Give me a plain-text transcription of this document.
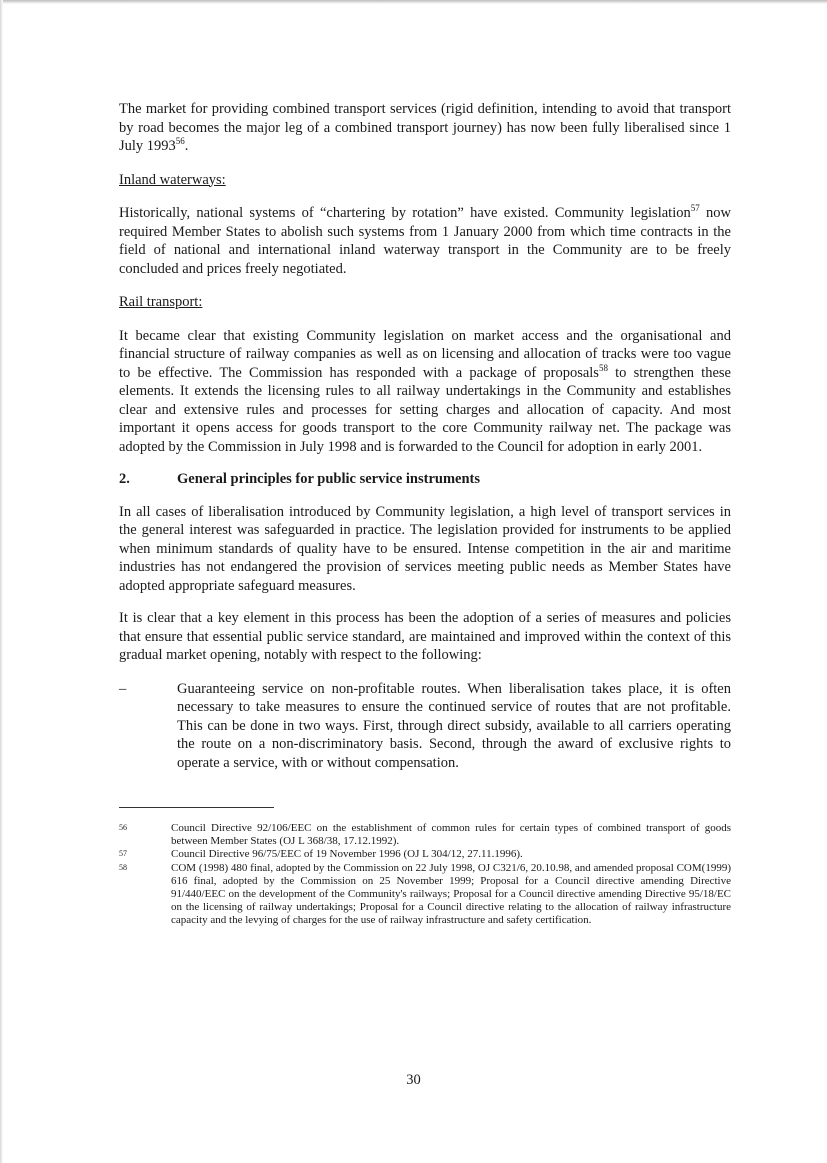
The market for providing combined transport services (rigid definition, intending to avoid that transport by road becomes the major leg of a combined transport journey) has now been fully liberalised since 1 July 1993$^{56}$.

Inland waterways:

Historically, national systems of “chartering by rotation” have existed. Community legislation$^{57}$ now required Member States to abolish such systems from 1 January 2000 from which time contracts in the field of national and international inland waterway transport in the Community are to be freely concluded and prices freely negotiated.

Rail transport:

It became clear that existing Community legislation on market access and the organisational and financial structure of railway companies as well as on licensing and allocation of tracks were too vague to be effective. The Commission has responded with a package of proposals$^{58}$ to strengthen these elements. It extends the licensing rules to all railway undertakings in the Community and establishes clear and extensive rules and processes for setting charges and allocation of capacity. And most important it opens access for goods transport to the core Community railway net. The package was adopted by the Commission in July 1998 and is forwarded to the Council for adoption in early 2001.

2.	General principles for public service instruments

In all cases of liberalisation introduced by Community legislation, a high level of transport services in the general interest was safeguarded in practice. The legislation provided for instruments to be applied when minimum standards of quality have to be ensured. Intense competition in the air and maritime industries has not endangered the provision of services meeting public needs as Member States have adopted appropriate safeguard measures.

It is clear that a key element in this process has been the adoption of a series of measures and policies that ensure that essential public service standard, are maintained and improved within the context of this gradual market opening, notably with respect to the following:

–	Guaranteeing service on non-profitable routes. When liberalisation takes place, it is often necessary to take measures to ensure the continued service of routes that are not profitable. This can be done in two ways. First, through direct subsidy, available to all carriers operating the route on a non-discriminatory basis. Second, through the award of exclusive rights to operate a service, with or without compensation.

56	Council Directive 92/106/EEC on the establishment of common rules for certain types of combined transport of goods between Member States (OJ L 368/38, 17.12.1992).
57	Council Directive 96/75/EEC of 19 November 1996 (OJ L 304/12, 27.11.1996).
58	COM (1998) 480 final, adopted by the Commission on 22 July 1998, OJ C321/6, 20.10.98, and amended proposal COM(1999) 616 final, adopted by the Commission on 25 November 1999; Proposal for a Council directive amending Directive 91/440/EEC on the development of the Community's railways; Proposal for a Council directive amending Directive 95/18/EC on the licensing of railway undertakings; Proposal for a Council directive relating to the allocation of railway infrastructure capacity and the levying of charges for the use of railway infrastructure and safety certification.
30
